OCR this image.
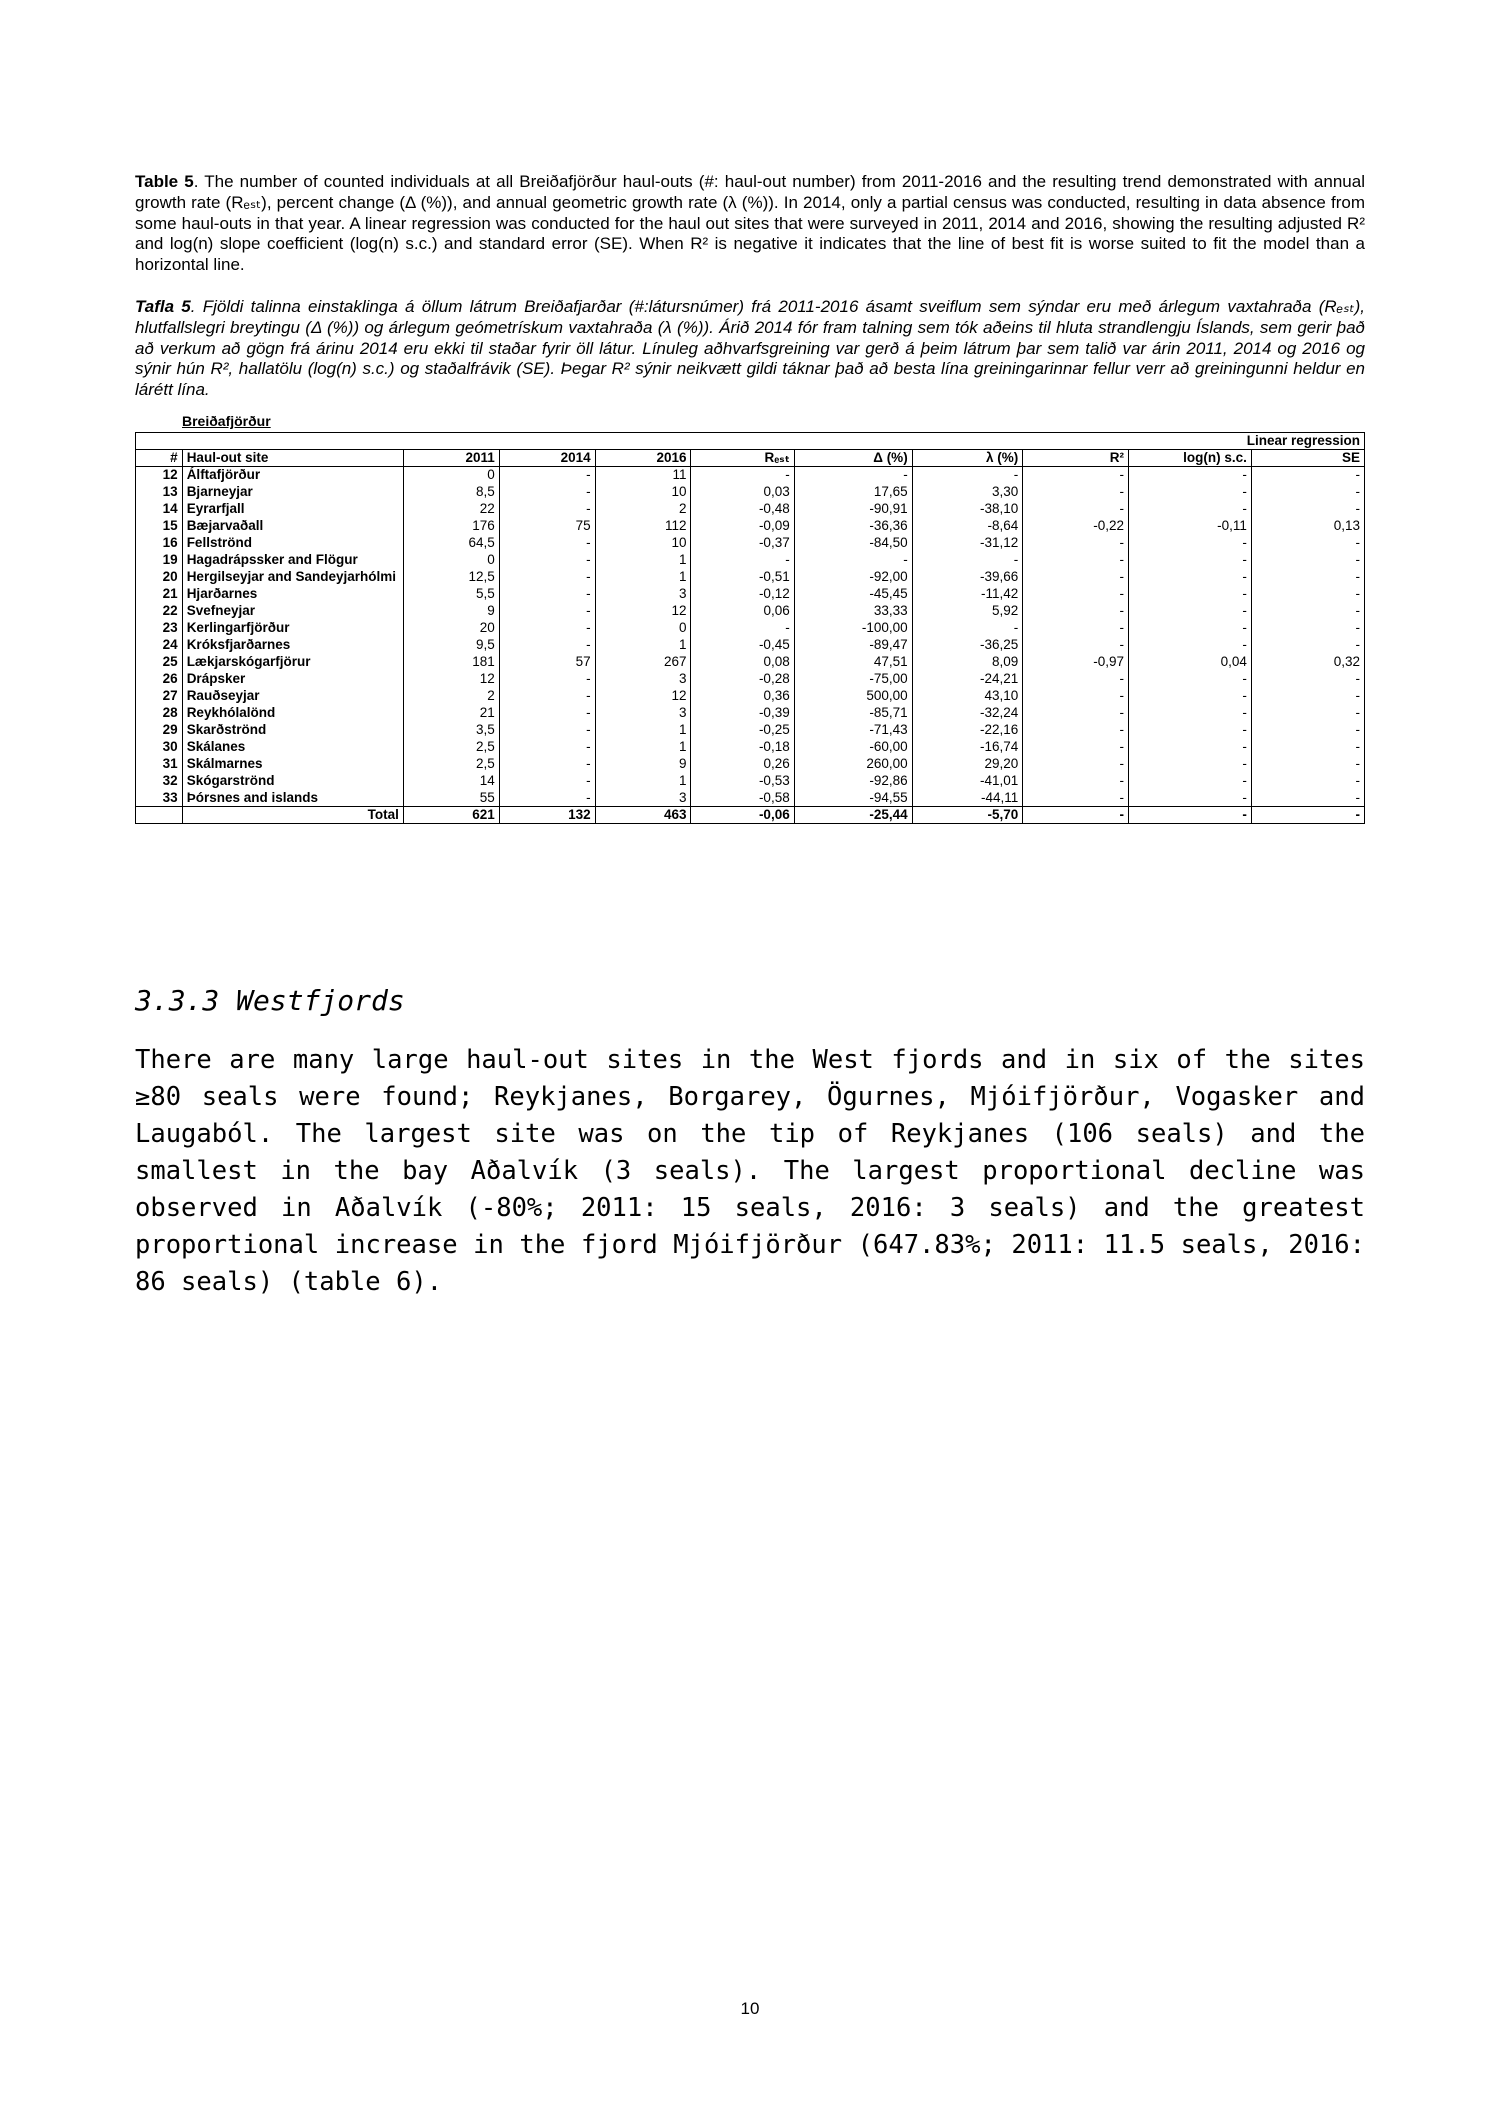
Table 5. The number of counted individuals at all Breiðafjörður haul-outs (#: haul-out number) from 2011-2016 and the resulting trend demonstrated with annual growth rate (Rₑₛₜ), percent change (Δ (%)), and annual geometric growth rate (λ (%)). In 2014, only a partial census was conducted, resulting in data absence from some haul-outs in that year. A linear regression was conducted for the haul out sites that were surveyed in 2011, 2014 and 2016, showing the resulting adjusted R² and log(n) slope coefficient (log(n) s.c.) and standard error (SE). When R² is negative it indicates that the line of best fit is worse suited to fit the model than a horizontal line.

Tafla 5. Fjöldi talinna einstaklinga á öllum látrum Breiðafjarðar (#:látursnúmer) frá 2011-2016 ásamt sveiflum sem sýndar eru með árlegum vaxtahraða (Rₑₛₜ), hlutfallslegri breytingu (Δ (%)) og árlegum geómetrískum vaxtahraða (λ (%)). Árið 2014 fór fram talning sem tók aðeins til hluta strandlengju Íslands, sem gerir það að verkum að gögn frá árinu 2014 eru ekki til staðar fyrir öll látur. Línuleg aðhvarfsgreining var gerð á þeim látrum þar sem talið var árin 2011, 2014 og 2016 og sýnir hún R², hallatölu (log(n) s.c.) og staðalfrávik (SE). Þegar R² sýnir neikvætt gildi táknar það að besta lína greiningarinnar fellur verr að greiningunni heldur en lárétt lína.

Breiðafjörður
Linear regression										
#	Haul-out site	2011	2014	2016	Rₑₛₜ	Δ (%)	λ (%)	R²	log(n) s.c.	SE
12	Álftafjörður	0	-	11	-	-	-	-	-	-
13	Bjarneyjar	8,5	-	10	0,03	17,65	3,30	-	-	-
14	Eyrarfjall	22	-	2	-0,48	-90,91	-38,10	-	-	-
15	Bæjarvaðall	176	75	112	-0,09	-36,36	-8,64	-0,22	-0,11	0,13
16	Fellströnd	64,5	-	10	-0,37	-84,50	-31,12	-	-	-
19	Hagadrápssker and Flögur	0	-	1	-	-	-	-	-	-
20	Hergilseyjar and Sandeyjarhólmi	12,5	-	1	-0,51	-92,00	-39,66	-	-	-
21	Hjarðarnes	5,5	-	3	-0,12	-45,45	-11,42	-	-	-
22	Svefneyjar	9	-	12	0,06	33,33	5,92	-	-	-
23	Kerlingarfjörður	20	-	0	-	-100,00	-	-	-	-
24	Króksfjarðarnes	9,5	-	1	-0,45	-89,47	-36,25	-	-	-
25	Lækjarskógarfjörur	181	57	267	0,08	47,51	8,09	-0,97	0,04	0,32
26	Drápsker	12	-	3	-0,28	-75,00	-24,21	-	-	-
27	Rauðseyjar	2	-	12	0,36	500,00	43,10	-	-	-
28	Reykhólalönd	21	-	3	-0,39	-85,71	-32,24	-	-	-
29	Skarðströnd	3,5	-	1	-0,25	-71,43	-22,16	-	-	-
30	Skálanes	2,5	-	1	-0,18	-60,00	-16,74	-	-	-
31	Skálmarnes	2,5	-	9	0,26	260,00	29,20	-	-	-
32	Skógarströnd	14	-	1	-0,53	-92,86	-41,01	-	-	-
33	Þórsnes and islands	55	-	3	-0,58	-94,55	-44,11	-	-	-
	Total	621	132	463	-0,06	-25,44	-5,70	-	-	-
3.3.3 Westfjords

There are many large haul-out sites in the West fjords and in six of the sites ≥80 seals were found; Reykjanes, Borgarey, Ögurnes, Mjóifjörður, Vogasker and Laugaból. The largest site was on the tip of Reykjanes (106 seals) and the smallest in the bay Aðalvík (3 seals). The largest proportional decline was observed in Aðalvík (-80%; 2011: 15 seals, 2016: 3 seals) and the greatest proportional increase in the fjord Mjóifjörður (647.83%; 2011: 11.5 seals, 2016: 86 seals) (table 6).

10
